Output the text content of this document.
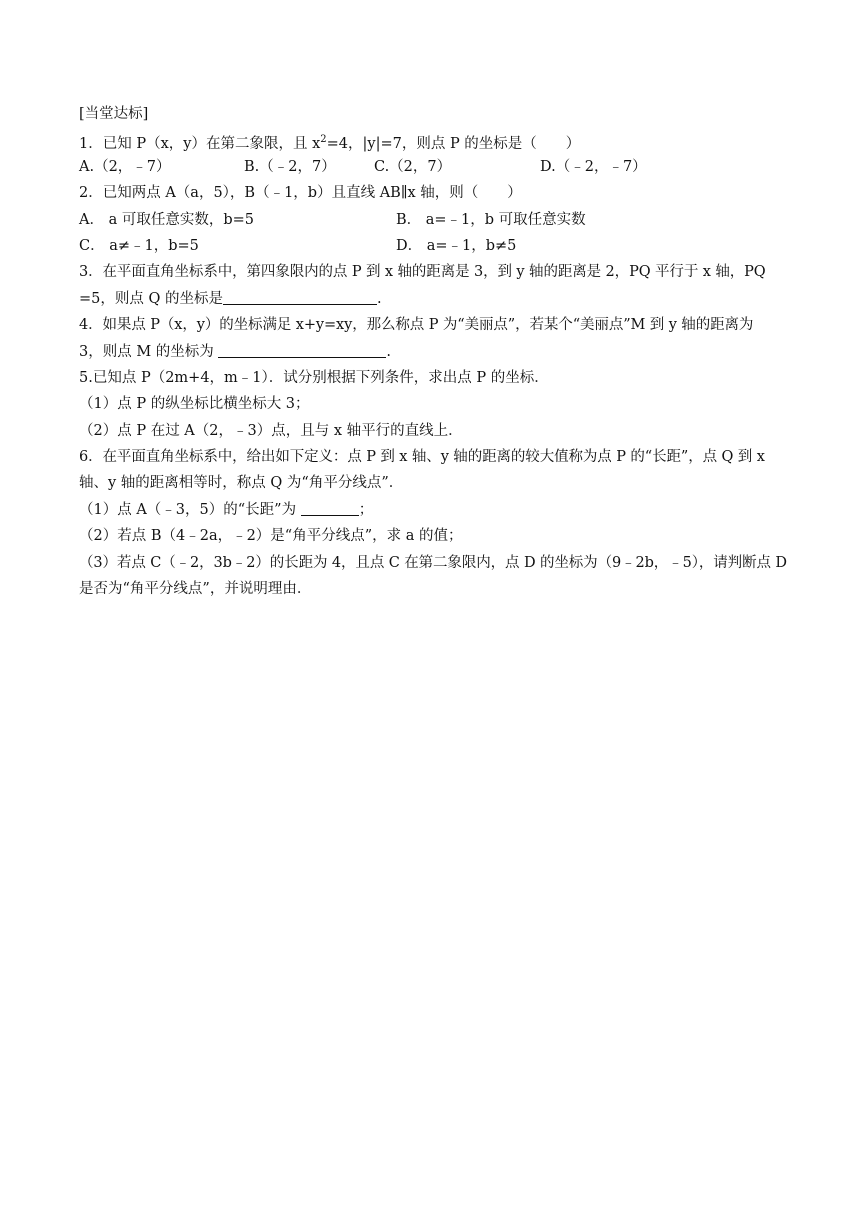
[当堂达标]
1．已知 P（x，y）在第二象限，且 $x^2=4$，|y|=7，则点 P 的坐标是（　　）
A.（2，﹣7）	B.（﹣2，7）	C.（2，7）	D.（﹣2，﹣7）
2．已知两点 A（a，5），B（﹣1，b）且直线 AB∥x 轴，则（　　）
A． a 可取任意实数，b=5	B． a=﹣1，b 可取任意实数
C． a≠﹣1，b=5	D． a=﹣1，b≠5
3．在平面直角坐标系中，第四象限内的点 P 到 x 轴的距离是 3，到 y 轴的距离是 2，PQ 平行于 x 轴，PQ
=5，则点 Q 的坐标是	.
4．如果点 P（x，y）的坐标满足 x+y=xy，那么称点 P 为“美丽点”，若某个“美丽点”M 到 y 轴的距离为
3，则点 M 的坐标为	.
5.已知点 P（2m+4，m﹣1）．试分别根据下列条件，求出点 P 的坐标．
（1）点 P 的纵坐标比横坐标大 3；
（2）点 P 在过 A（2，﹣3）点，且与 x 轴平行的直线上．
6．在平面直角坐标系中，给出如下定义：点 P 到 x 轴、y 轴的距离的较大值称为点 P 的“长距”，点 Q 到 x
轴、y 轴的距离相等时，称点 Q 为“角平分线点”．
（1）点 A（﹣3，5）的“长距”为	；
（2）若点 B（4﹣2a，﹣2）是“角平分线点”，求 a 的值；
（3）若点 C（﹣2，3b﹣2）的长距为 4，且点 C 在第二象限内，点 D 的坐标为（9﹣2b，﹣5），请判断点 D
是否为“角平分线点”，并说明理由．
